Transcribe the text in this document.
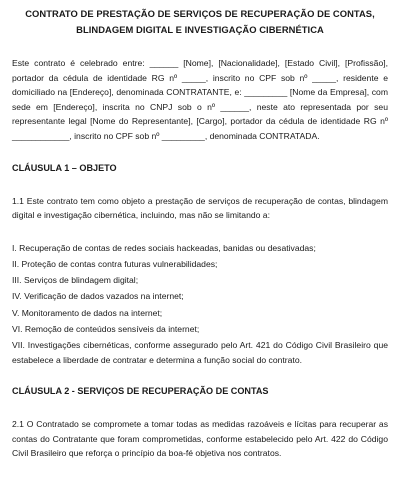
CONTRATO DE PRESTAÇÃO DE SERVIÇOS DE RECUPERAÇÃO DE CONTAS,
BLINDAGEM DIGITAL E INVESTIGAÇÃO CIBERNÉTICA

Este contrato é celebrado entre: ______ [Nome], [Nacionalidade], [Estado Civil], [Profissão], portador da cédula de identidade RG nº _____, inscrito no CPF sob nº _____, residente e domiciliado na [Endereço], denominada CONTRATANTE, e: _________ [Nome da Empresa], com sede em [Endereço], inscrita no CNPJ sob o nº ______, neste ato representada por seu representante legal [Nome do Representante], [Cargo], portador da cédula de identidade RG nº ____________, inscrito no CPF sob nº _________, denominada CONTRATADA.

CLÁUSULA 1 – OBJETO

1.1 Este contrato tem como objeto a prestação de serviços de recuperação de contas, blindagem digital e investigação cibernética, incluindo, mas não se limitando a:

I. Recuperação de contas de redes sociais hackeadas, banidas ou desativadas;
II. Proteção de contas contra futuras vulnerabilidades;
III. Serviços de blindagem digital;
IV. Verificação de dados vazados na internet;
V. Monitoramento de dados na internet;
VI. Remoção de conteúdos sensíveis da internet;
VII. Investigações cibernéticas, conforme assegurado pelo Art. 421 do Código Civil Brasileiro que estabelece a liberdade de contratar e determina a função social do contrato.
CLÁUSULA 2 - SERVIÇOS DE RECUPERAÇÃO DE CONTAS

2.1 O Contratado se compromete a tomar todas as medidas razoáveis e lícitas para recuperar as contas do Contratante que foram comprometidas, conforme estabelecido pelo Art. 422 do Código Civil Brasileiro que reforça o princípio da boa-fé objetiva nos contratos.
